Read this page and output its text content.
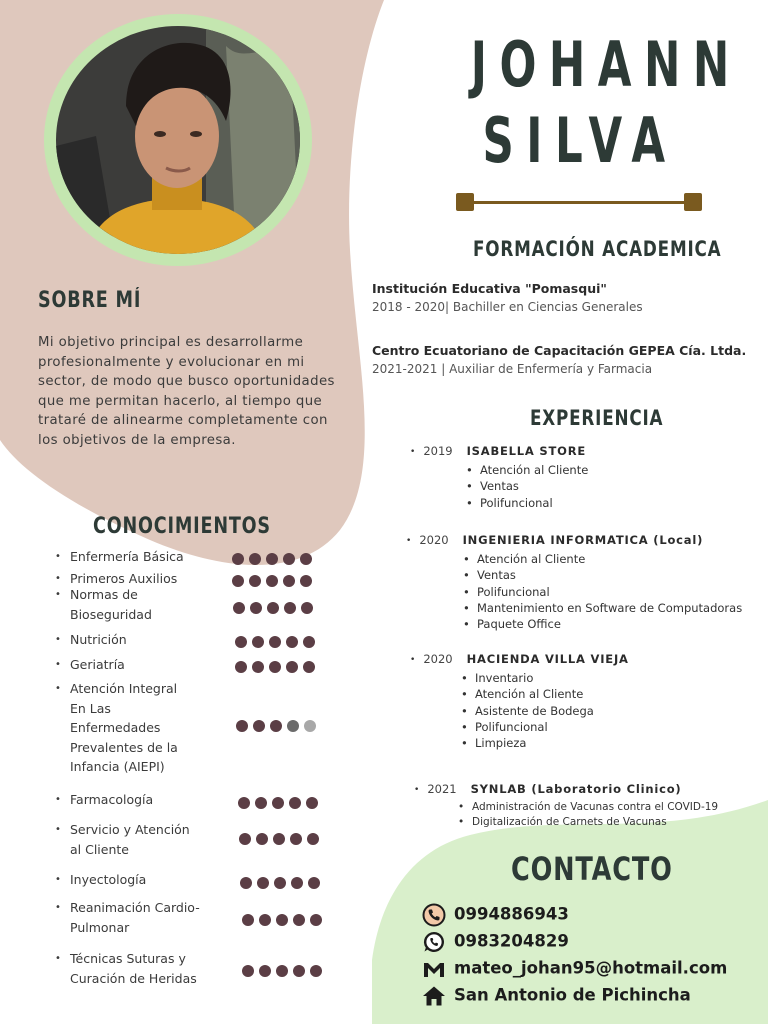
JOHANN
SILVA
FORMACIÓN ACADEMICA
Institución Educativa "Pomasqui"
2018 - 2020| Bachiller en Ciencias Generales
Centro Ecuatoriano de Capacitación GEPEA Cía. Ltda.
2021-2021 | Auxiliar de Enfermería y Farmacia
SOBRE MÍ
Mi objetivo principal es desarrollarme profesionalmente y evolucionar en mi sector, de modo que busco oportunidades que me permitan hacerlo, al tiempo que trataré de alinearme completamente con los objetivos de la empresa.
EXPERIENCIA
• 2019 ISABELLA STORE
• Atención al Cliente
• Ventas
• Polifuncional
• 2020 INGENIERIA INFORMATICA (Local)
• Atención al Cliente
• Ventas
• Polifuncional
• Mantenimiento en Software de Computadoras
• Paquete Office
• 2020 HACIENDA VILLA VIEJA
• Inventario
• Atención al Cliente
• Asistente de Bodega
• Polifuncional
• Limpieza
• 2021 SYNLAB (Laboratorio Clinico)
• Administración de Vacunas contra el COVID-19
• Digitalización de Carnets de Vacunas
CONOCIMIENTOS
• Enfermería Básica
• Primeros Auxilios
• Normas de Bioseguridad
• Nutrición
• Geriatría
• Atención Integral En Las Enfermedades Prevalentes de la Infancia (AIEPI)
• Farmacología
• Servicio y Atención al Cliente
• Inyectología
• Reanimación Cardio-Pulmonar
• Técnicas Suturas y Curación de Heridas
CONTACTO
0994886943
0983204829
mateo_johan95@hotmail.com
San Antonio de Pichincha
